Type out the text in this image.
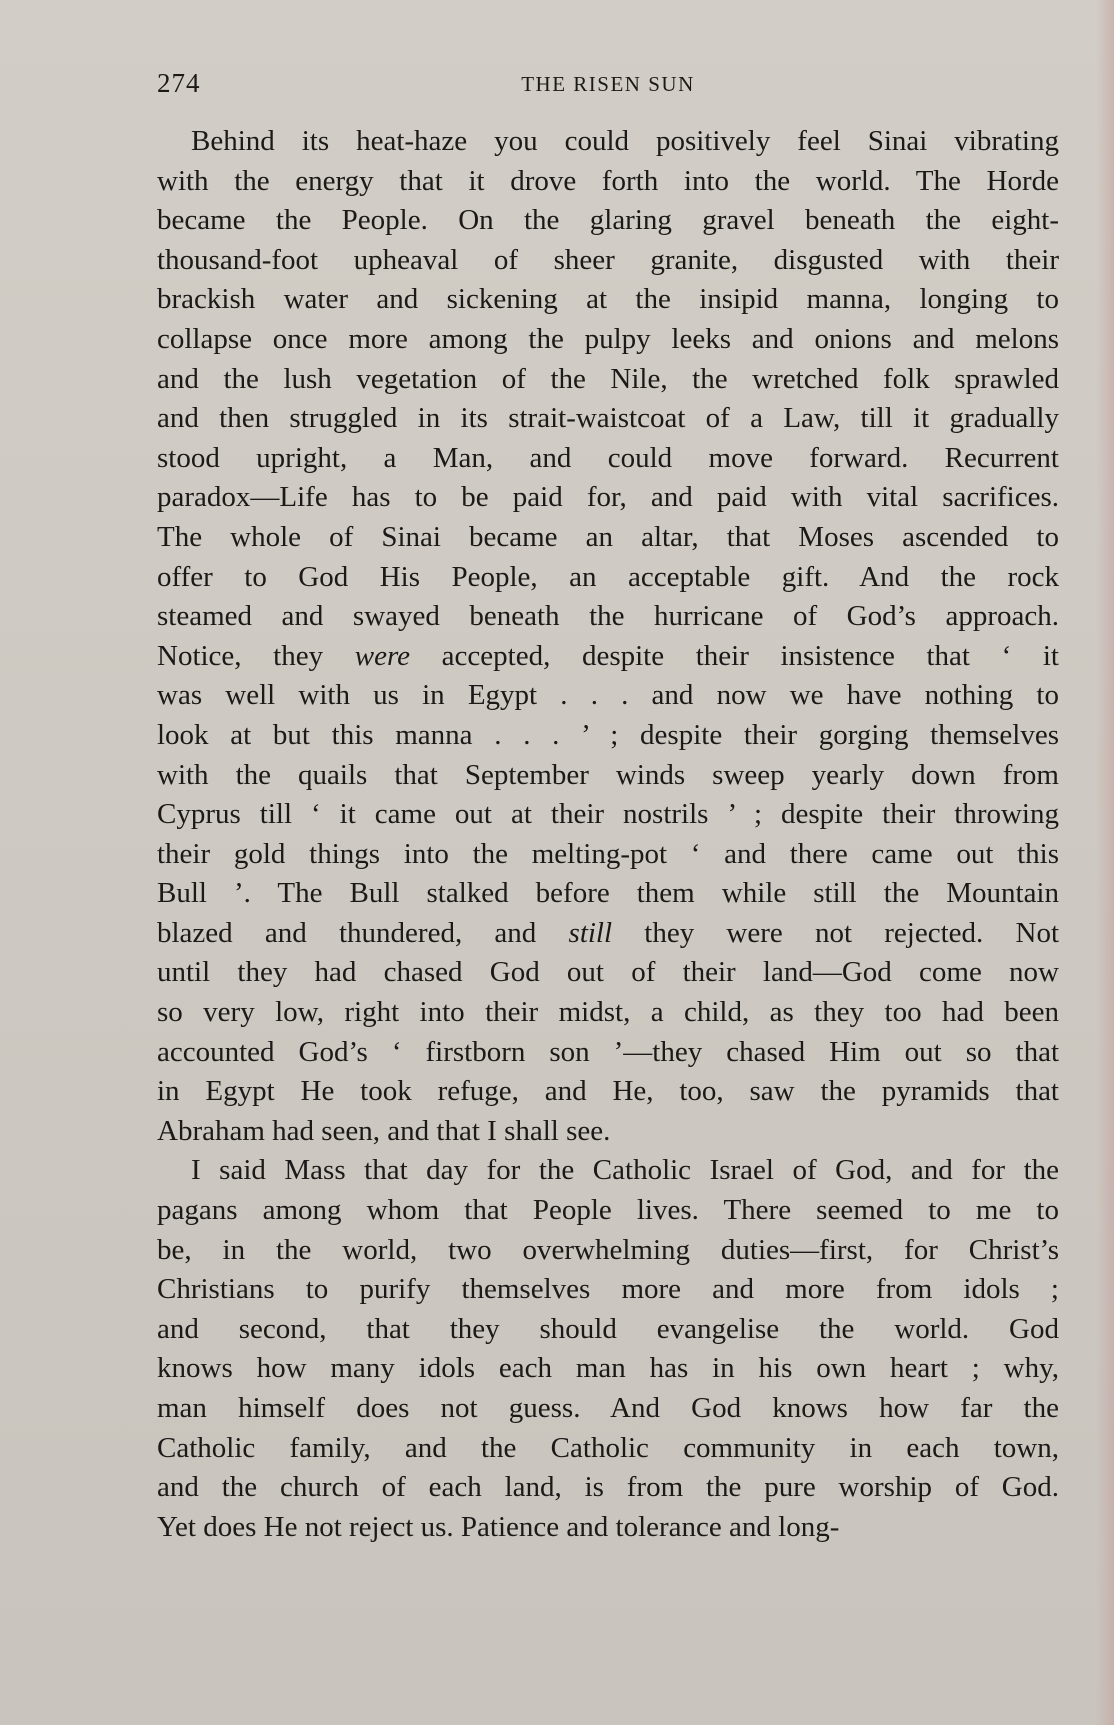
274	THE RISEN SUN
Behind its heat-haze you could positively feel Sinai vibrating
with the energy that it drove forth into the world. The Horde
became the People. On the glaring gravel beneath the eight-
thousand-foot upheaval of sheer granite, disgusted with their
brackish water and sickening at the insipid manna, longing to
collapse once more among the pulpy leeks and onions and melons
and the lush vegetation of the Nile, the wretched folk sprawled
and then struggled in its strait-waistcoat of a Law, till it gradually
stood upright, a Man, and could move forward. Recurrent
paradox—Life has to be paid for, and paid with vital sacrifices.
The whole of Sinai became an altar, that Moses ascended to
offer to God His People, an acceptable gift. And the rock
steamed and swayed beneath the hurricane of God’s approach.
Notice, they were accepted, despite their insistence that ‘ it
was well with us in Egypt . . . and now we have nothing to
look at but this manna . . . ’ ; despite their gorging themselves
with the quails that September winds sweep yearly down from
Cyprus till ‘ it came out at their nostrils ’ ; despite their throwing
their gold things into the melting-pot ‘ and there came out this
Bull ’. The Bull stalked before them while still the Mountain
blazed and thundered, and still they were not rejected. Not
until they had chased God out of their land—God come now
so very low, right into their midst, a child, as they too had been
accounted God’s ‘ firstborn son ’—they chased Him out so that
in Egypt He took refuge, and He, too, saw the pyramids that
Abraham had seen, and that I shall see.
I said Mass that day for the Catholic Israel of God, and for the
pagans among whom that People lives. There seemed to me to
be, in the world, two overwhelming duties—first, for Christ’s
Christians to purify themselves more and more from idols ;
and second, that they should evangelise the world. God
knows how many idols each man has in his own heart ; why,
man himself does not guess. And God knows how far the
Catholic family, and the Catholic community in each town,
and the church of each land, is from the pure worship of God.
Yet does He not reject us. Patience and tolerance and long-
